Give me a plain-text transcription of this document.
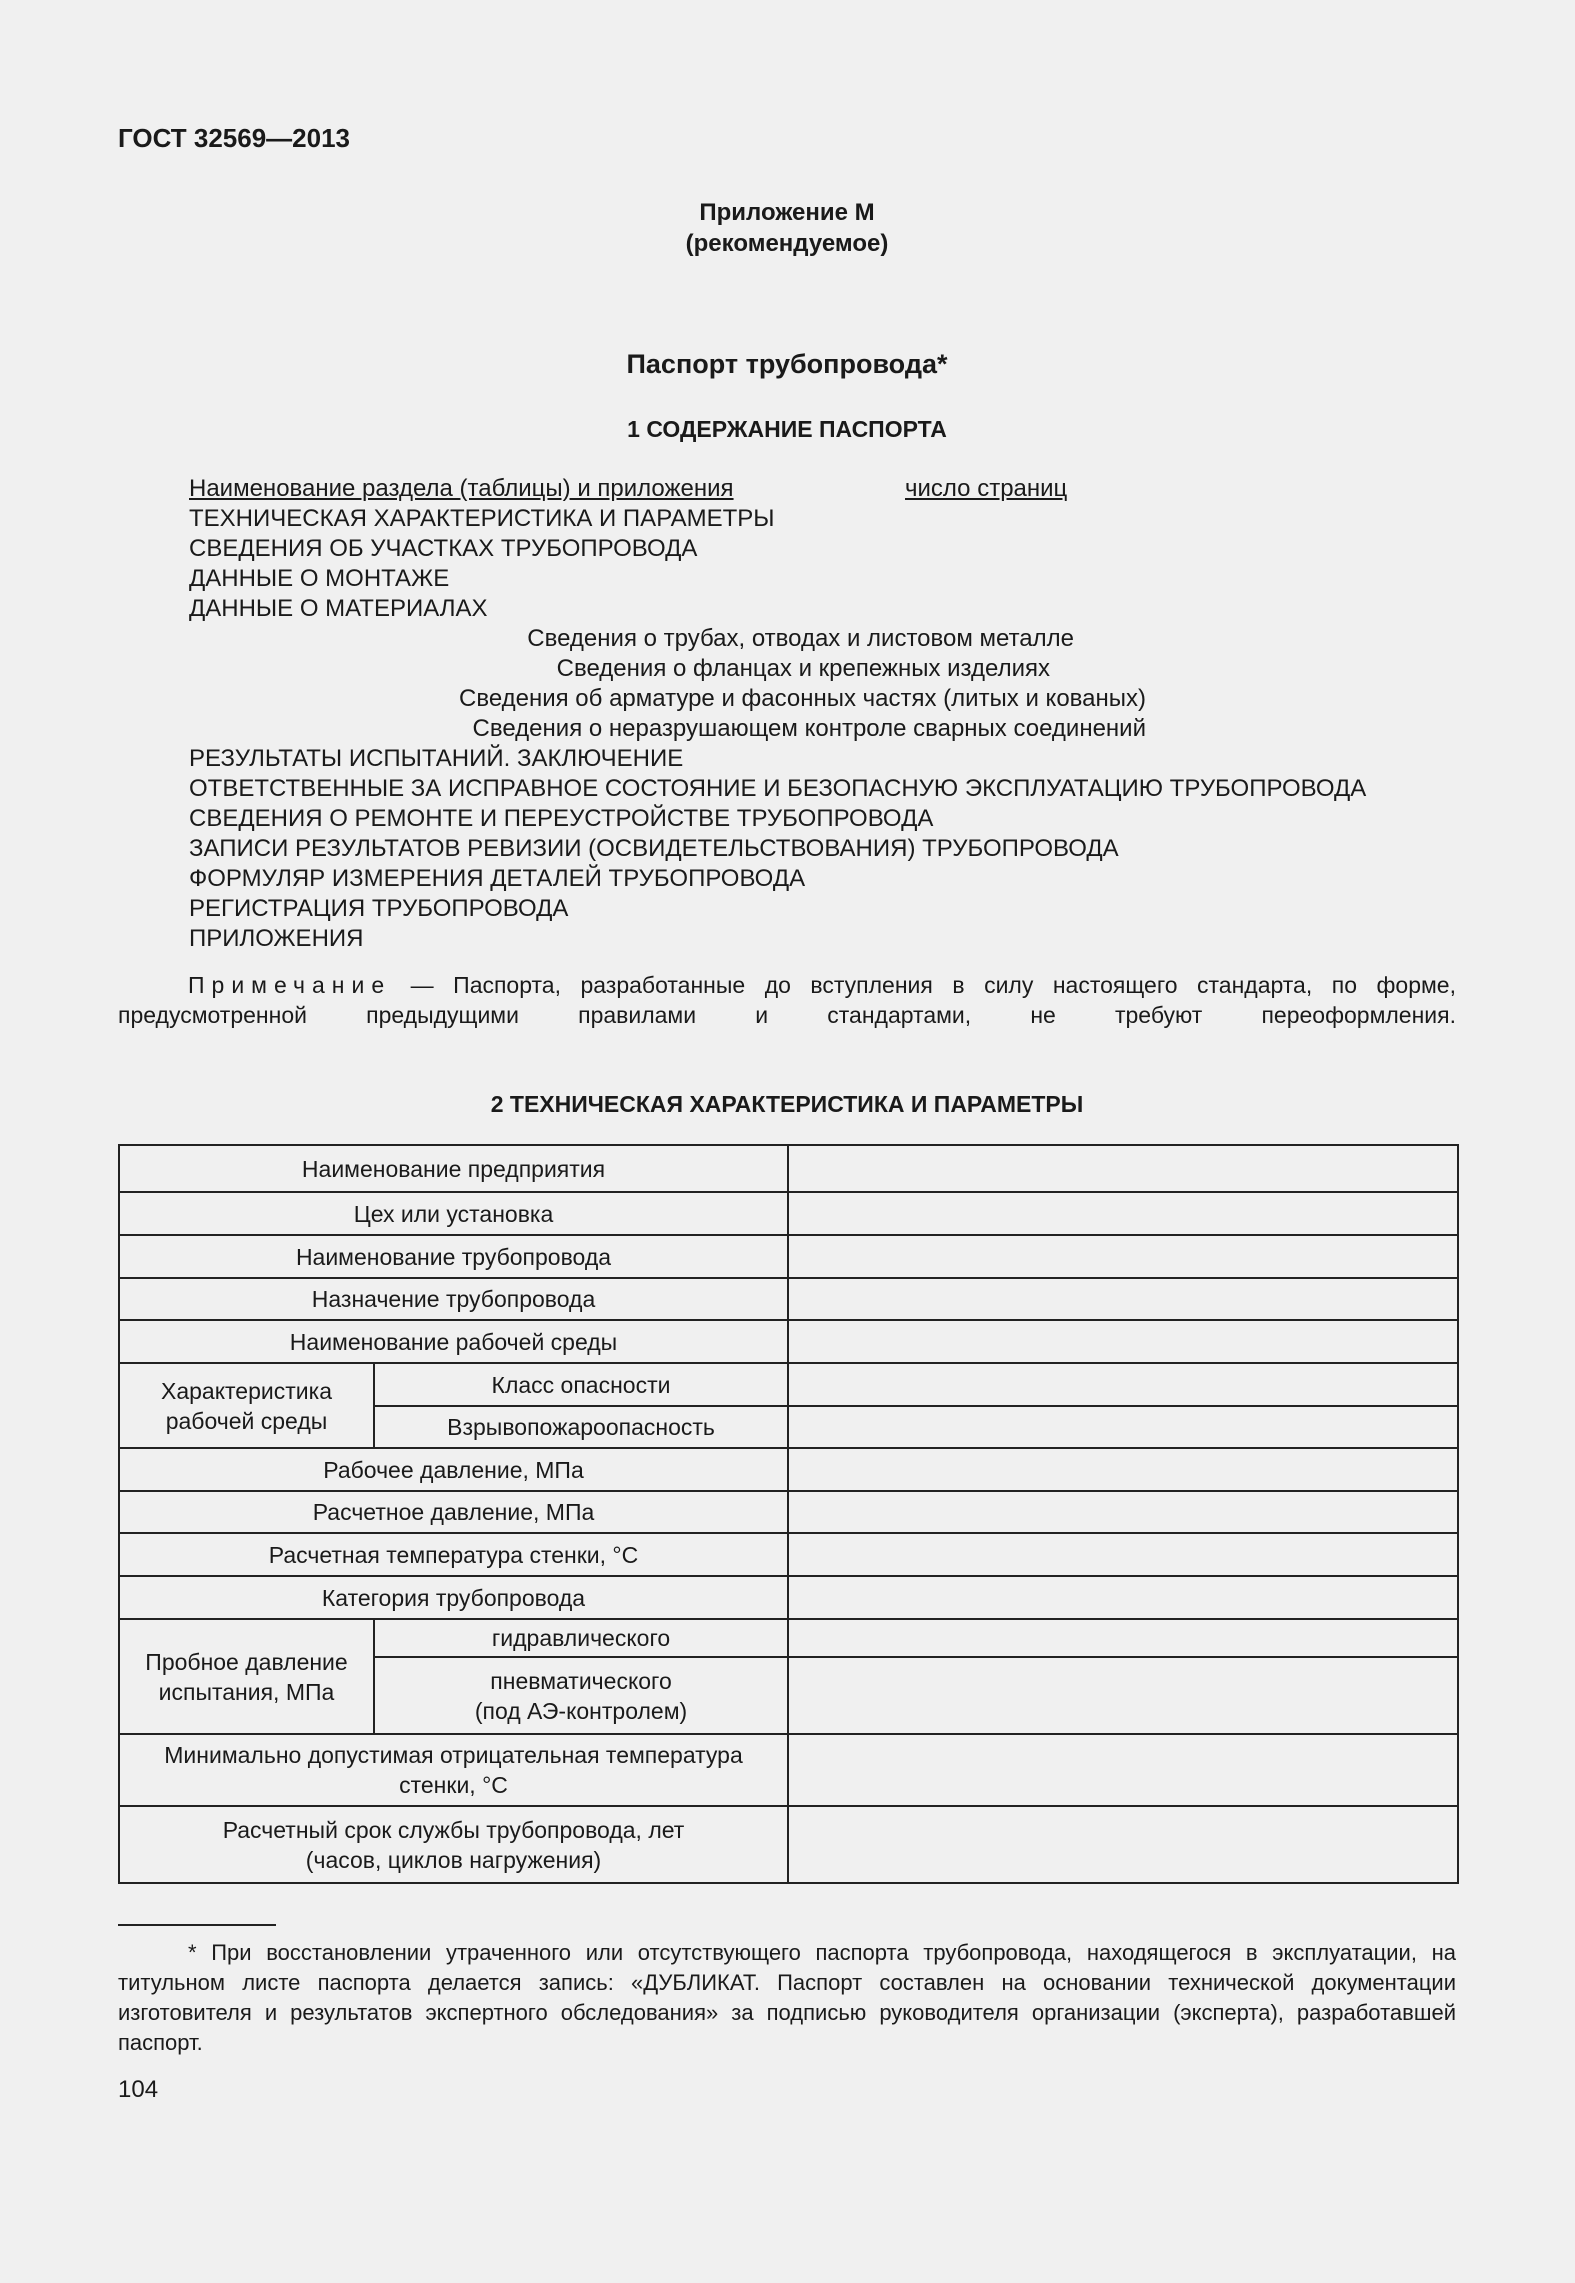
ГОСТ 32569—2013
Приложение М
(рекомендуемое)
Паспорт трубопровода*
1 СОДЕРЖАНИЕ ПАСПОРТА
Наименование раздела (таблицы) и приложения	число страниц
ТЕХНИЧЕСКАЯ ХАРАКТЕРИСТИКА И ПАРАМЕТРЫ
СВЕДЕНИЯ ОБ УЧАСТКАХ ТРУБОПРОВОДА
ДАННЫЕ О МОНТАЖЕ
ДАННЫЕ О МАТЕРИАЛАХ
Сведения о трубах, отводах и листовом металле
Сведения о фланцах и крепежных изделиях
Сведения об арматуре и фасонных частях (литых и кованых)
Сведения о неразрушающем контроле сварных соединений
РЕЗУЛЬТАТЫ ИСПЫТАНИЙ. ЗАКЛЮЧЕНИЕ
ОТВЕТСТВЕННЫЕ ЗА ИСПРАВНОЕ СОСТОЯНИЕ И БЕЗОПАСНУЮ ЭКСПЛУАТАЦИЮ ТРУБОПРОВОДА
СВЕДЕНИЯ О РЕМОНТЕ И ПЕРЕУСТРОЙСТВЕ ТРУБОПРОВОДА
ЗАПИСИ РЕЗУЛЬТАТОВ РЕВИЗИИ (ОСВИДЕТЕЛЬСТВОВАНИЯ) ТРУБОПРОВОДА
ФОРМУЛЯР ИЗМЕРЕНИЯ ДЕТАЛЕЙ ТРУБОПРОВОДА
РЕГИСТРАЦИЯ ТРУБОПРОВОДА
ПРИЛОЖЕНИЯ
Примечание — Паспорта, разработанные до вступления в силу настоящего стандарта, по форме, предусмотренной предыдущими правилами и стандартами, не требуют переоформления.
2 ТЕХНИЧЕСКАЯ ХАРАКТЕРИСТИКА И ПАРАМЕТРЫ
Наименование предприятия		
Цех или установка		
Наименование трубопровода		
Назначение трубопровода		
Наименование рабочей среды		
Характеристика рабочей среды	Класс опасности	
	Взрывопожароопасность	
Рабочее давление, МПа		
Расчетное давление, МПа		
Расчетная температура стенки, °С		
Категория трубопровода		
Пробное давление испытания, МПа	гидравлического	

	пневматического
(под АЭ-контролем)	

Минимально допустимая отрицательная температура стенки, °С		

Расчетный срок службы трубопровода, лет
(часов, циклов нагружения)		

* При восстановлении утраченного или отсутствующего паспорта трубопровода, находящегося в эксплуатации, на титульном листе паспорта делается запись: «ДУБЛИКАТ. Паспорт составлен на основании технической документации изготовителя и результатов экспертного обследования» за подписью руководителя организации (эксперта), разработавшей паспорт.
104
